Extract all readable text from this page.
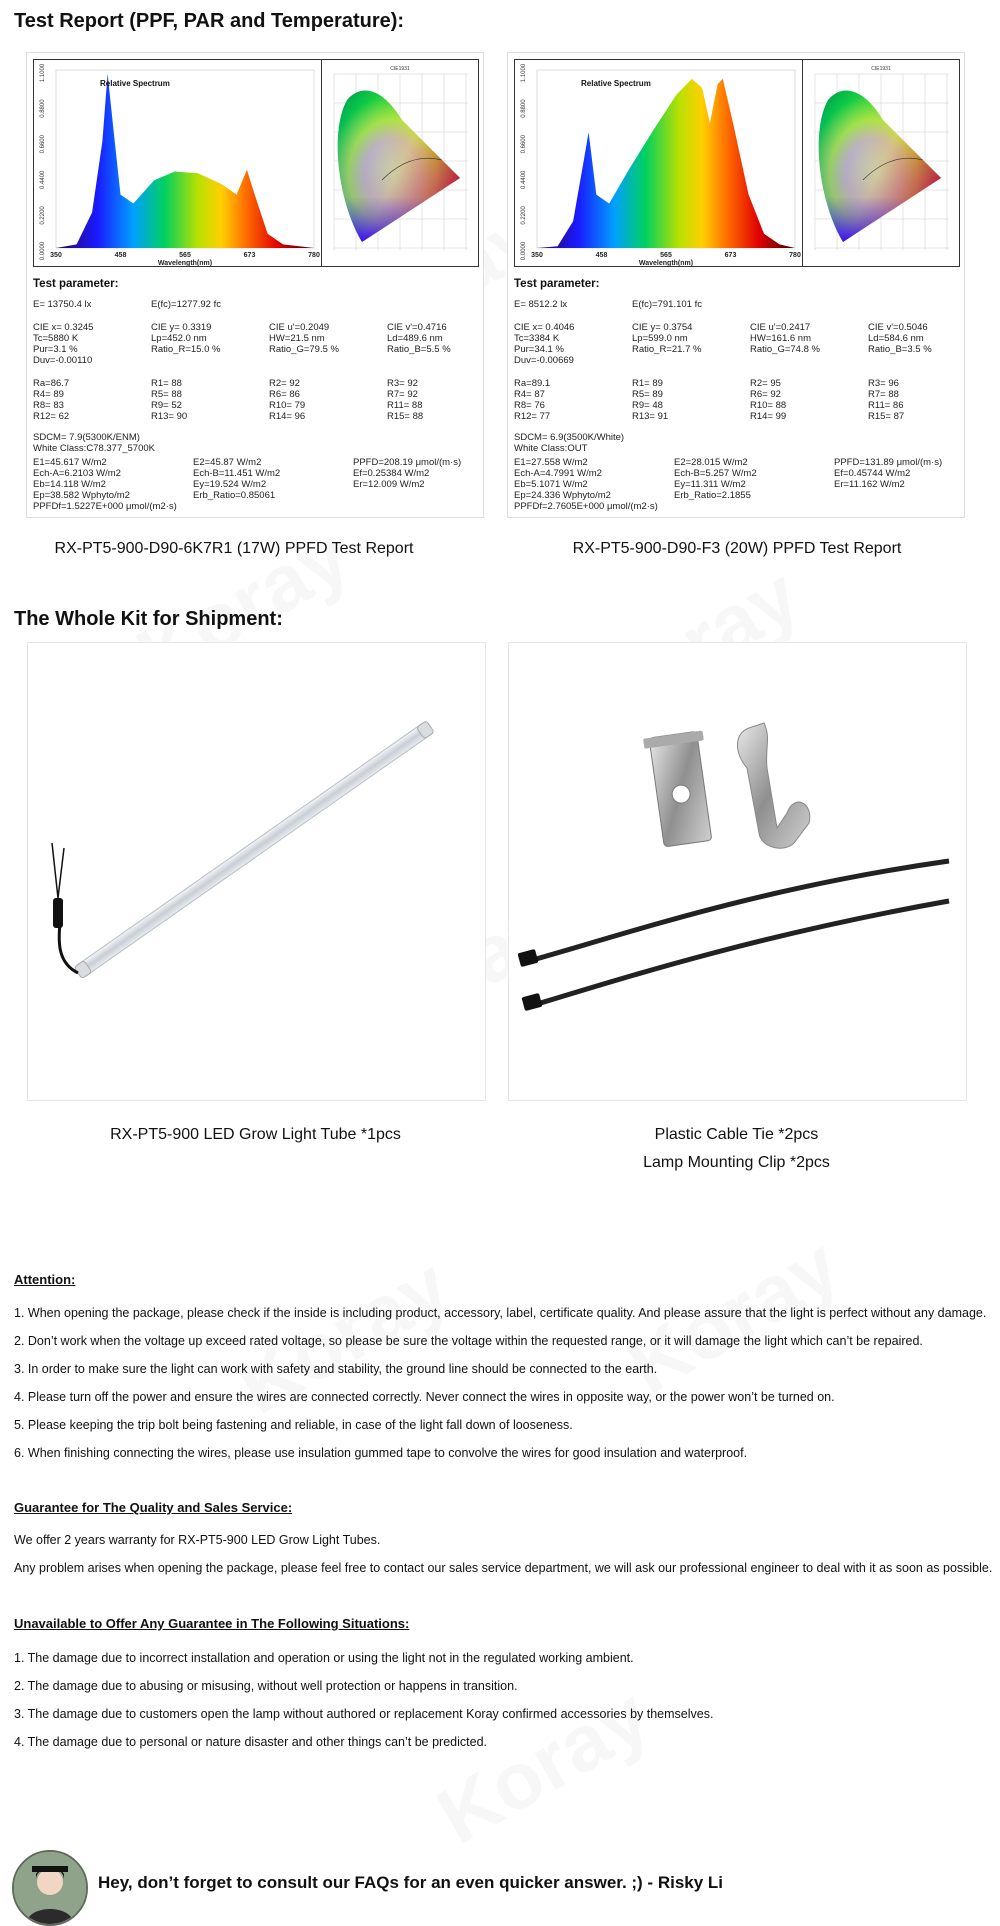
Test Report (PPF, PAR and Temperature):
Relative Spectrum
1.1000
0.8800
0.6600
0.4400
0.2200
0.0000 350	458	565	673	780
Wavelength(nm)
CIE1931
Test parameter:
E= 13750.4 lx	E(fc)=1277.92 fc
CIE x= 0.3245	CIE y= 0.3319	CIE u'=0.2049	CIE v'=0.4716
Tc=5880 K	Lp=452.0 nm	HW=21.5 nm	Ld=489.6 nm
Pur=3.1 %	Ratio_R=15.0 %	Ratio_G=79.5 %	Ratio_B=5.5 %
Duv=-0.00110
Ra=86.7	R1= 88	R2= 92	R3= 92
R4= 89	R5= 88	R6= 86	R7= 92
R8= 83	R9= 52	R10= 79	R11= 88
R12= 62	R13= 90	R14= 96	R15= 88
SDCM= 7.9(5300K/ENM)
White Class:C78.377_5700K
E1=45.617 W/m2	E2=45.87 W/m2	PPFD=208.19 μmol/(m·s)
Ech-A=6.2103 W/m2	Ech-B=11.451 W/m2	Ef=0.25384 W/m2
Eb=14.118 W/m2	Ey=19.524 W/m2	Er=12.009 W/m2
Ep=38.582 Wphyto/m2	Erb_Ratio=0.85061
PPFDf=1.5227E+000 μmol/(m2·s)
Relative Spectrum
1.1000
0.8800
0.6600
0.4400
0.2200
0.0000 350	458	565	673	780
Wavelength(nm)
CIE1931
Test parameter:
E= 8512.2 lx	E(fc)=791.101 fc
CIE x= 0.4046	CIE y= 0.3754	CIE u'=0.2417	CIE v'=0.5046
Tc=3384 K	Lp=599.0 nm	HW=161.6 nm	Ld=584.6 nm
Pur=34.1 %	Ratio_R=21.7 %	Ratio_G=74.8 %	Ratio_B=3.5 %
Duv=-0.00669
Ra=89.1	R1= 89	R2= 95	R3= 96
R4= 87	R5= 89	R6= 92	R7= 88
R8= 76	R9= 48	R10= 88	R11= 86
R12= 77	R13= 91	R14= 99	R15= 87
SDCM= 6.9(3500K/White)
White Class:OUT
E1=27.558 W/m2	E2=28.015 W/m2	PPFD=131.89 μmol/(m·s)
Ech-A=4.7991 W/m2	Ech-B=5.257 W/m2	Ef=0.45744 W/m2
Eb=5.1071 W/m2	Ey=11.311 W/m2	Er=11.162 W/m2
Ep=24.336 Wphyto/m2	Erb_Ratio=2.1855
PPFDf=2.7605E+000 μmol/(m2·s)
RX-PT5-900-D90-6K7R1 (17W) PPFD Test Report	RX-PT5-900-D90-F3 (20W) PPFD Test Report
The Whole Kit for Shipment:
RX-PT5-900 LED Grow Light Tube *1pcs	Plastic Cable Tie *2pcs
Lamp Mounting Clip *2pcs
Attention:
1. When opening the package, please check if the inside is including product, accessory, label, certificate quality. And please assure that the light is perfect without any damage.
2. Don’t work when the voltage up exceed rated voltage, so please be sure the voltage within the requested range, or it will damage the light which can’t be repaired.
3. In order to make sure the light can work with safety and stability, the ground line should be connected to the earth.
4. Please turn off the power and ensure the wires are connected correctly. Never connect the wires in opposite way, or the power won’t be turned on.
5. Please keeping the trip bolt being fastening and reliable, in case of the light fall down of looseness.
6. When finishing connecting the wires, please use insulation gummed tape to convolve the wires for good insulation and waterproof.
Guarantee for The Quality and Sales Service:
We offer 2 years warranty for RX-PT5-900 LED Grow Light Tubes.
Any problem arises when opening the package, please feel free to contact our sales service department, we will ask our professional engineer to deal with it as soon as possible.
Unavailable to Offer Any Guarantee in The Following Situations:
1. The damage due to incorrect installation and operation or using the light not in the regulated working ambient.
2. The damage due to abusing or misusing, without well protection or happens in transition.
3. The damage due to customers open the lamp without authored or replacement Koray confirmed accessories by themselves.
4. The damage due to personal or nature disaster and other things can’t be predicted.
Hey, don’t forget to consult our FAQs for an even quicker answer. ;) - Risky Li
